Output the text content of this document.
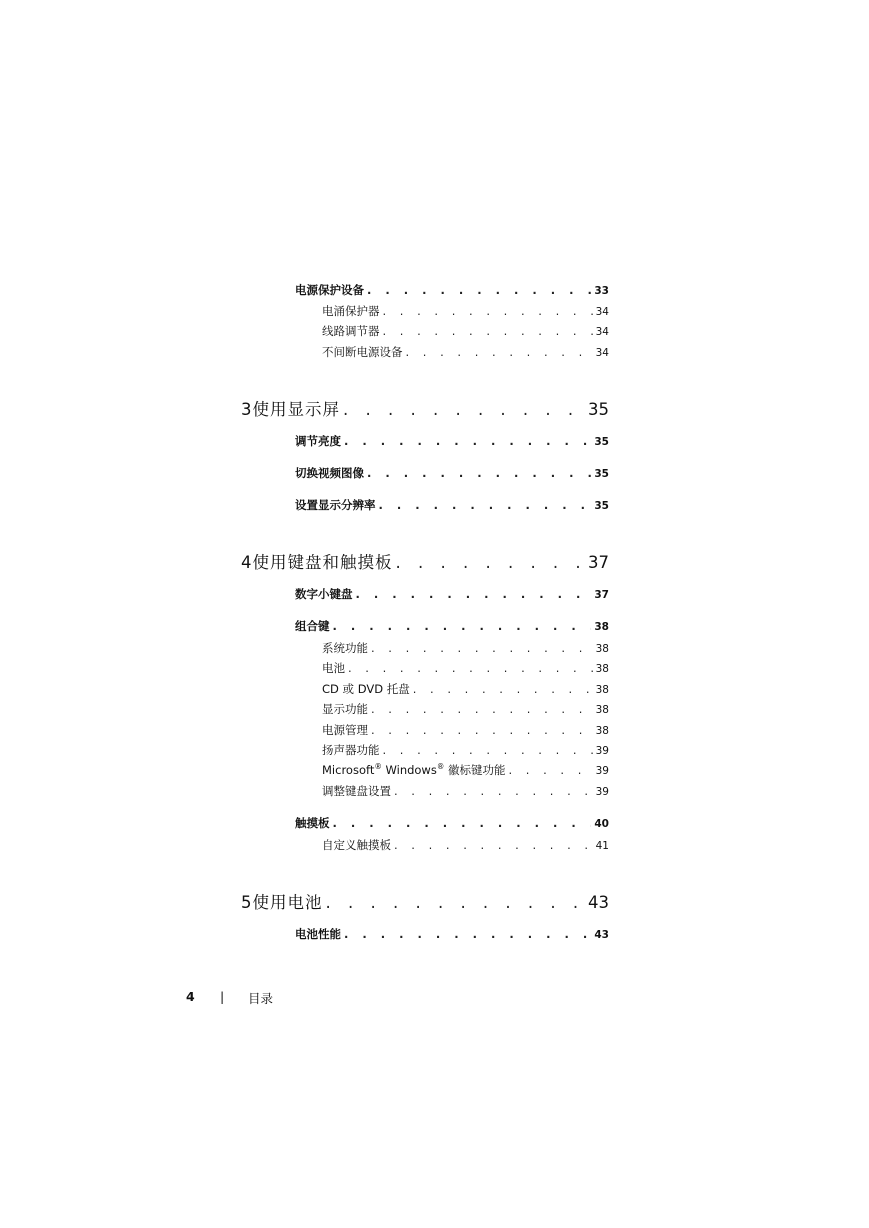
电源保护设备 . . .	33
电涌保护器 . . .	34
线路调节器 . . .	34
不间断电源设备 . . .	34
3 使用显示屏 . . .	35
调节亮度 . . .	35
切换视频图像 . . .	35
设置显示分辨率 . . .	35
4 使用键盘和触摸板 . . .	37
数字小键盘 . . .	37
组合键 . . .	38
系统功能 . . .	38
电池 . . .	38
CD 或 DVD 托盘 . . .	38
显示功能 . . .	38
电源管理 . . .	38
扬声器功能 . . .	39
Microsoft® Windows® 徽标键功能 . . .	39
调整键盘设置 . . .	39
触摸板 . . .	40
自定义触摸板 . . .	41
5 使用电池 . . .	43
电池性能 . . .	43
4 | 目录
